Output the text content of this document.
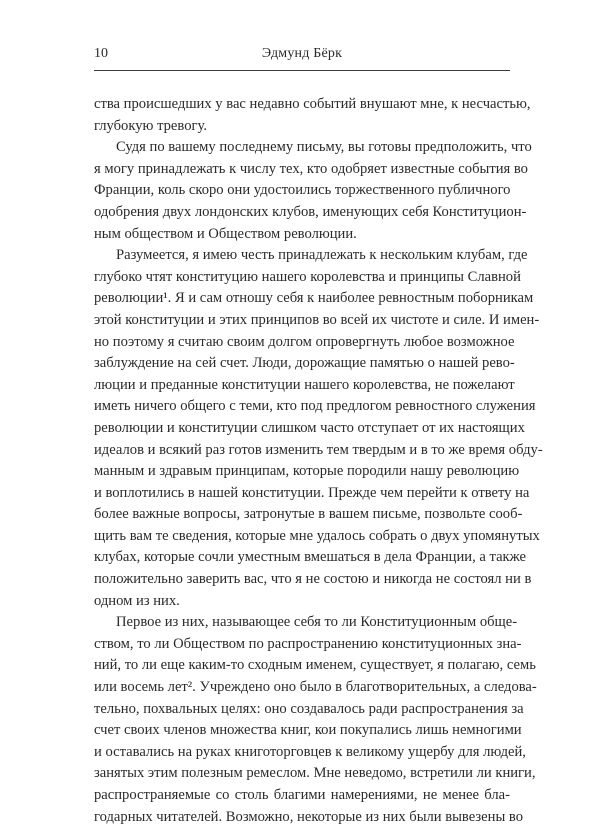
10	Эдмунд Бёрк
ства происшедших у вас недавно событий внушают мне, к несчастью,
глубокую тревогу.
Судя по вашему последнему письму, вы готовы предположить, что
я могу принадлежать к числу тех, кто одобряет известные события во
Франции, коль скоро они удостоились торжественного публичного
одобрения двух лондонских клубов, именующих себя Конституцион-
ным обществом и Обществом революции.
Разумеется, я имею честь принадлежать к нескольким клубам, где
глубоко чтят конституцию нашего королевства и принципы Славной
революции¹. Я и сам отношу себя к наиболее ревностным поборникам
этой конституции и этих принципов во всей их чистоте и силе. И имен-
но поэтому я считаю своим долгом опровергнуть любое возможное
заблуждение на сей счет. Люди, дорожащие памятью о нашей рево-
люции и преданные конституции нашего королевства, не пожелают
иметь ничего общего с теми, кто под предлогом ревностного служения
революции и конституции слишком часто отступает от их настоящих
идеалов и всякий раз готов изменить тем твердым и в то же время обду-
манным и здравым принципам, которые породили нашу революцию
и воплотились в нашей конституции. Прежде чем перейти к ответу на
более важные вопросы, затронутые в вашем письме, позвольте сооб-
щить вам те сведения, которые мне удалось собрать о двух упомянутых
клубах, которые сочли уместным вмешаться в дела Франции, а также
положительно заверить вас, что я не состою и никогда не состоял ни в
одном из них.
Первое из них, называющее себя то ли Конституционным обще-
ством, то ли Обществом по распространению конституционных зна-
ний, то ли еще каким-то сходным именем, существует, я полагаю, семь
или восемь лет². Учреждено оно было в благотворительных, а следова-
тельно, похвальных целях: оно создавалось ради распространения за
счет своих членов множества книг, кои покупались лишь немногими
и оставались на руках книготорговцев к великому ущербу для людей,
занятых этим полезным ремеслом. Мне неведомо, встретили ли книги,
распространяемые со столь благими намерениями, не менее бла-
годарных читателей. Возможно, некоторые из них были вывезены во
